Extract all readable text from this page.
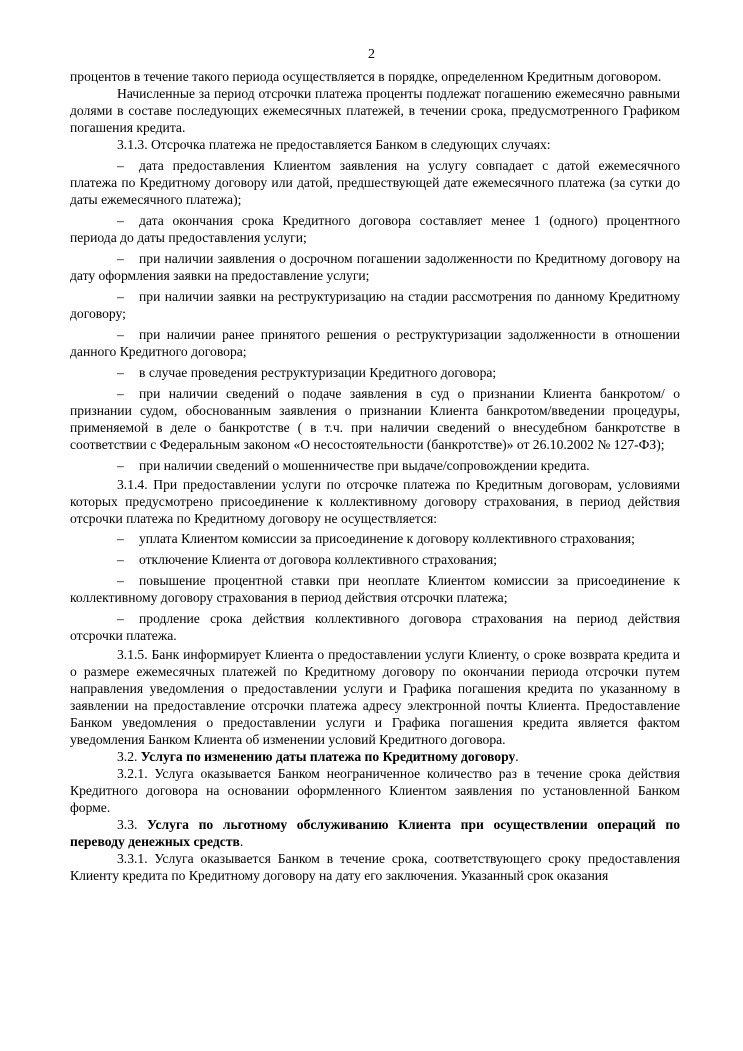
2

процентов в течение такого периода осуществляется в порядке, определенном Кредитным договором.

Начисленные за период отсрочки платежа проценты подлежат погашению ежемесячно равными долями в составе последующих ежемесячных платежей, в течении срока, предусмотренного Графиком погашения кредита.

3.1.3. Отсрочка платежа не предоставляется Банком в следующих случаях:

– дата предоставления Клиентом заявления на услугу совпадает с датой ежемесячного платежа по Кредитному договору или датой, предшествующей дате ежемесячного платежа (за сутки до даты ежемесячного платежа);

– дата окончания срока Кредитного договора составляет менее 1 (одного) процентного периода до даты предоставления услуги;

– при наличии заявления о досрочном погашении задолженности по Кредитному договору на дату оформления заявки на предоставление услуги;

– при наличии заявки на реструктуризацию на стадии рассмотрения по данному Кредитному договору;

– при наличии ранее принятого решения о реструктуризации задолженности в отношении данного Кредитного договора;

– в случае проведения реструктуризации Кредитного договора;

– при наличии сведений о подаче заявления в суд о признании Клиента банкротом/ о признании судом, обоснованным заявления о признании Клиента банкротом/введении процедуры, применяемой в деле о банкротстве ( в т.ч. при наличии сведений о внесудебном банкротстве в соответствии с Федеральным законом «О несостоятельности (банкротстве)» от 26.10.2002 № 127-ФЗ);

– при наличии сведений о мошенничестве при выдаче/сопровождении кредита.

3.1.4. При предоставлении услуги по отсрочке платежа по Кредитным договорам, условиями которых предусмотрено присоединение к коллективному договору страхования, в период действия отсрочки платежа по Кредитному договору не осуществляется:

– уплата Клиентом комиссии за присоединение к договору коллективного страхования;

– отключение Клиента от договора коллективного страхования;

– повышение процентной ставки при неоплате Клиентом комиссии за присоединение к коллективному договору страхования в период действия отсрочки платежа;

– продление срока действия коллективного договора страхования на период действия отсрочки платежа.

3.1.5. Банк информирует Клиента о предоставлении услуги Клиенту, о сроке возврата кредита и о размере ежемесячных платежей по Кредитному договору по окончании периода отсрочки путем направления уведомления о предоставлении услуги и Графика погашения кредита по указанному в заявлении на предоставление отсрочки платежа адресу электронной почты Клиента. Предоставление Банком уведомления о предоставлении услуги и Графика погашения кредита является фактом уведомления Банком Клиента об изменении условий Кредитного договора.

3.2. Услуга по изменению даты платежа по Кредитному договору.

3.2.1. Услуга оказывается Банком неограниченное количество раз в течение срока действия Кредитного договора на основании оформленного Клиентом заявления по установленной Банком форме.

3.3. Услуга по льготному обслуживанию Клиента при осуществлении операций по переводу денежных средств.

3.3.1. Услуга оказывается Банком в течение срока, соответствующего сроку предоставления Клиенту кредита по Кредитному договору на дату его заключения. Указанный срок оказания
